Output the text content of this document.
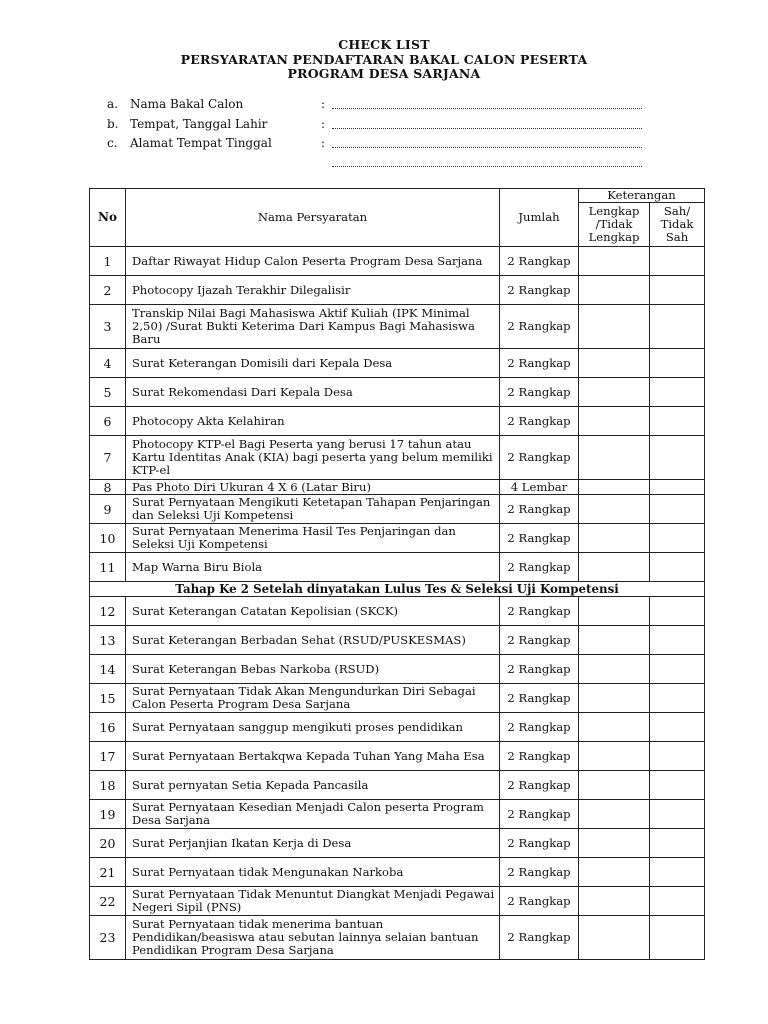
CHECK LIST
PERSYARATAN PENDAFTARAN BAKAL CALON PESERTA
PROGRAM DESA SARJANA
a. Nama Bakal Calon	:
b. Tempat, Tanggal Lahir	:
c. Alamat Tempat Tinggal	:
No	Nama Persyaratan	Jumlah	Keterangan	
			Lengkap /Tidak Lengkap	Sah/ Tidak Sah
1	Daftar Riwayat Hidup Calon Peserta Program Desa Sarjana	2 Rangkap		
2	Photocopy Ijazah Terakhir Dilegalisir	2 Rangkap		
3	Transkip Nilai Bagi Mahasiswa Aktif Kuliah (IPK Minimal 2,50) /Surat Bukti Keterima Dari Kampus Bagi Mahasiswa Baru	2 Rangkap		
4	Surat Keterangan Domisili dari Kepala Desa	2 Rangkap		
5	Surat Rekomendasi Dari Kepala Desa	2 Rangkap		
6	Photocopy Akta Kelahiran	2 Rangkap		
7	Photocopy KTP-el Bagi Peserta yang berusi 17 tahun atau Kartu Identitas Anak (KIA) bagi peserta yang belum memiliki KTP-el	2 Rangkap		
8	Pas Photo Diri Ukuran 4 X 6 (Latar Biru)	4 Lembar		
9	Surat Pernyataan Mengikuti Ketetapan Tahapan Penjaringan dan Seleksi Uji Kompetensi	2 Rangkap		
10	Surat Pernyataan Menerima Hasil Tes Penjaringan dan Seleksi Uji Kompetensi	2 Rangkap		
11	Map Warna Biru Biola	2 Rangkap		
Tahap Ke 2 Setelah dinyatakan Lulus Tes & Seleksi Uji Kompetensi				
12	Surat Keterangan Catatan Kepolisian (SKCK)	2 Rangkap		
13	Surat Keterangan Berbadan Sehat (RSUD/PUSKESMAS)	2 Rangkap		
14	Surat Keterangan Bebas Narkoba (RSUD)	2 Rangkap		
15	Surat Pernyataan Tidak Akan Mengundurkan Diri Sebagai Calon Peserta Program Desa Sarjana	2 Rangkap		
16	Surat Pernyataan sanggup mengikuti proses pendidikan	2 Rangkap		
17	Surat Pernyataan Bertakqwa Kepada Tuhan Yang Maha Esa	2 Rangkap		
18	Surat pernyatan Setia Kepada Pancasila	2 Rangkap		
19	Surat Pernyataan Kesedian Menjadi Calon peserta Program Desa Sarjana	2 Rangkap		
20	Surat Perjanjian Ikatan Kerja di Desa	2 Rangkap		
21	Surat Pernyataan tidak Mengunakan Narkoba	2 Rangkap		
22	Surat Pernyataan Tidak Menuntut Diangkat Menjadi Pegawai Negeri Sipil (PNS)	2 Rangkap		
23	Surat Pernyataan tidak menerima bantuan Pendidikan/beasiswa atau sebutan lainnya selaian bantuan Pendidikan Program Desa Sarjana	2 Rangkap		
